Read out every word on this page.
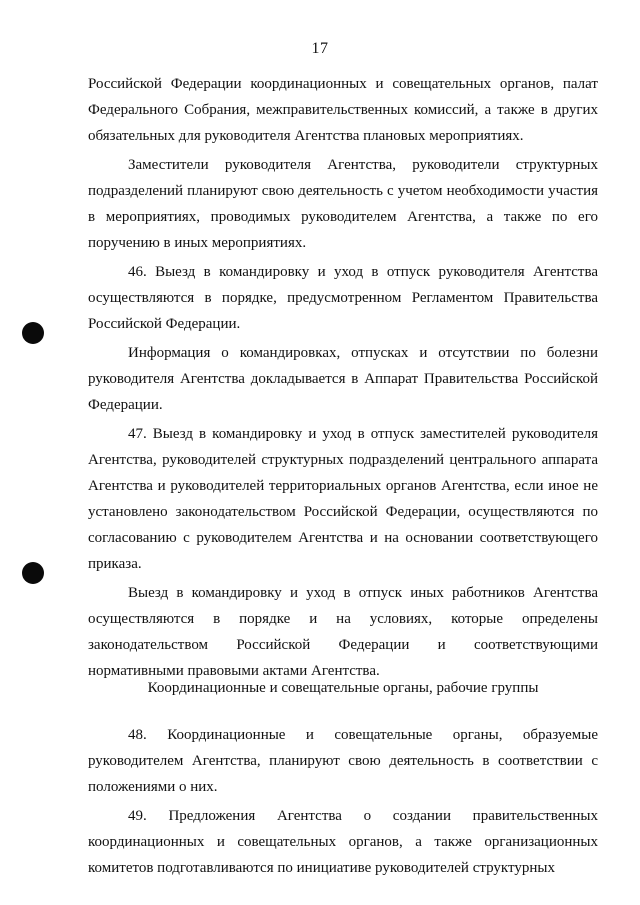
17

Российской Федерации координационных и совещательных органов, палат Федерального Собрания, межправительственных комиссий, а также в других обязательных для руководителя Агентства плановых мероприятиях.

Заместители руководителя Агентства, руководители структурных подразделений планируют свою деятельность с учетом необходимости участия в мероприятиях, проводимых руководителем Агентства, а также по его поручению в иных мероприятиях.

46. Выезд в командировку и уход в отпуск руководителя Агентства осуществляются в порядке, предусмотренном Регламентом Правительства Российской Федерации.

Информация о командировках, отпусках и отсутствии по болезни руководителя Агентства докладывается в Аппарат Правительства Российской Федерации.

47. Выезд в командировку и уход в отпуск заместителей руководителя Агентства, руководителей структурных подразделений центрального аппарата Агентства и руководителей территориальных органов Агентства, если иное не установлено законодательством Российской Федерации, осуществляются по согласованию с руководителем Агентства и на основании соответствующего приказа.

Выезд в командировку и уход в отпуск иных работников Агентства осуществляются в порядке и на условиях, которые определены законодательством Российской Федерации и соответствующими нормативными правовыми актами Агентства.

Координационные и совещательные органы, рабочие группы

48. Координационные и совещательные органы, образуемые руководителем Агентства, планируют свою деятельность в соответствии с положениями о них.

49. Предложения Агентства о создании правительственных координационных и совещательных органов, а также организационных комитетов подготавливаются по инициативе руководителей структурных
